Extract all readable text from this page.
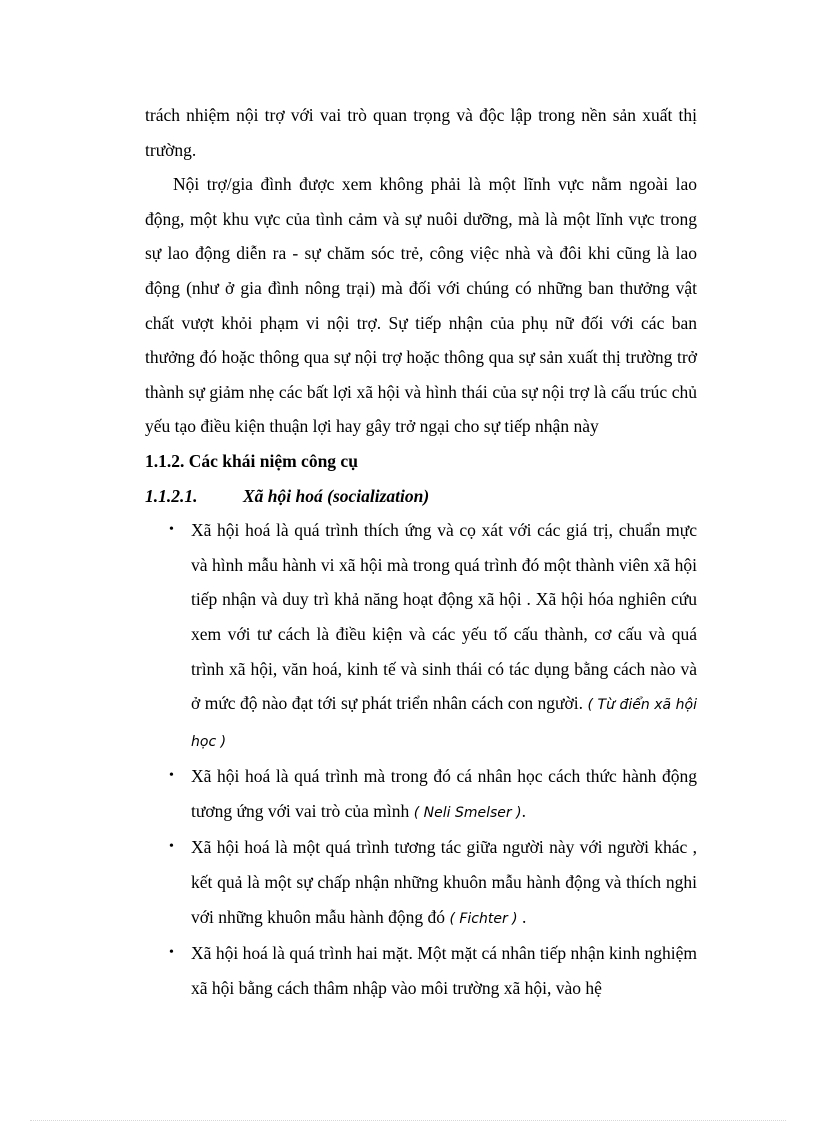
trách nhiệm nội trợ với vai trò quan trọng và độc lập trong nền sản xuất thị trường.

Nội trợ/gia đình được xem không phải là một lĩnh vực nằm ngoài lao động, một khu vực của tình cảm và sự nuôi dưỡng, mà là một lĩnh vực trong sự lao động diễn ra - sự chăm sóc trẻ, công việc nhà và đôi khi cũng là lao động (như ở gia đình nông trại) mà đối với chúng có những ban thưởng vật chất vượt khỏi phạm vi nội trợ. Sự tiếp nhận của phụ nữ đối với các ban thưởng đó hoặc thông qua sự nội trợ hoặc thông qua sự sản xuất thị trường trở thành sự giảm nhẹ các bất lợi xã hội và hình thái của sự nội trợ là cấu trúc chủ yếu tạo điều kiện thuận lợi hay gây trở ngại cho sự tiếp nhận này

1.1.2. Các khái niệm công cụ

1.1.2.1.	Xã hội hoá (socialization)

• Xã hội hoá là quá trình thích ứng và cọ xát với các giá trị, chuẩn mực và hình mẫu hành vi xã hội mà trong quá trình đó một thành viên xã hội tiếp nhận và duy trì khả năng hoạt động xã hội . Xã hội hóa nghiên cứu xem với tư cách là điều kiện và các yếu tố cấu thành, cơ cấu và quá trình xã hội, văn hoá, kinh tế và sinh thái có tác dụng bằng cách nào và ở mức độ nào đạt tới sự phát triển nhân cách con người. ( Từ điển xã hội học )
• Xã hội hoá là quá trình mà trong đó cá nhân học cách thức hành động tương ứng với vai trò của mình ( Neli Smelser ).
• Xã hội hoá là một quá trình tương tác giữa người này với người khác , kết quả là một sự chấp nhận những khuôn mẫu hành động và thích nghi với những khuôn mẫu hành động đó ( Fichter ) .
• Xã hội hoá là quá trình hai mặt. Một mặt cá nhân tiếp nhận kinh nghiệm xã hội bằng cách thâm nhập vào môi trường xã hội, vào hệ
